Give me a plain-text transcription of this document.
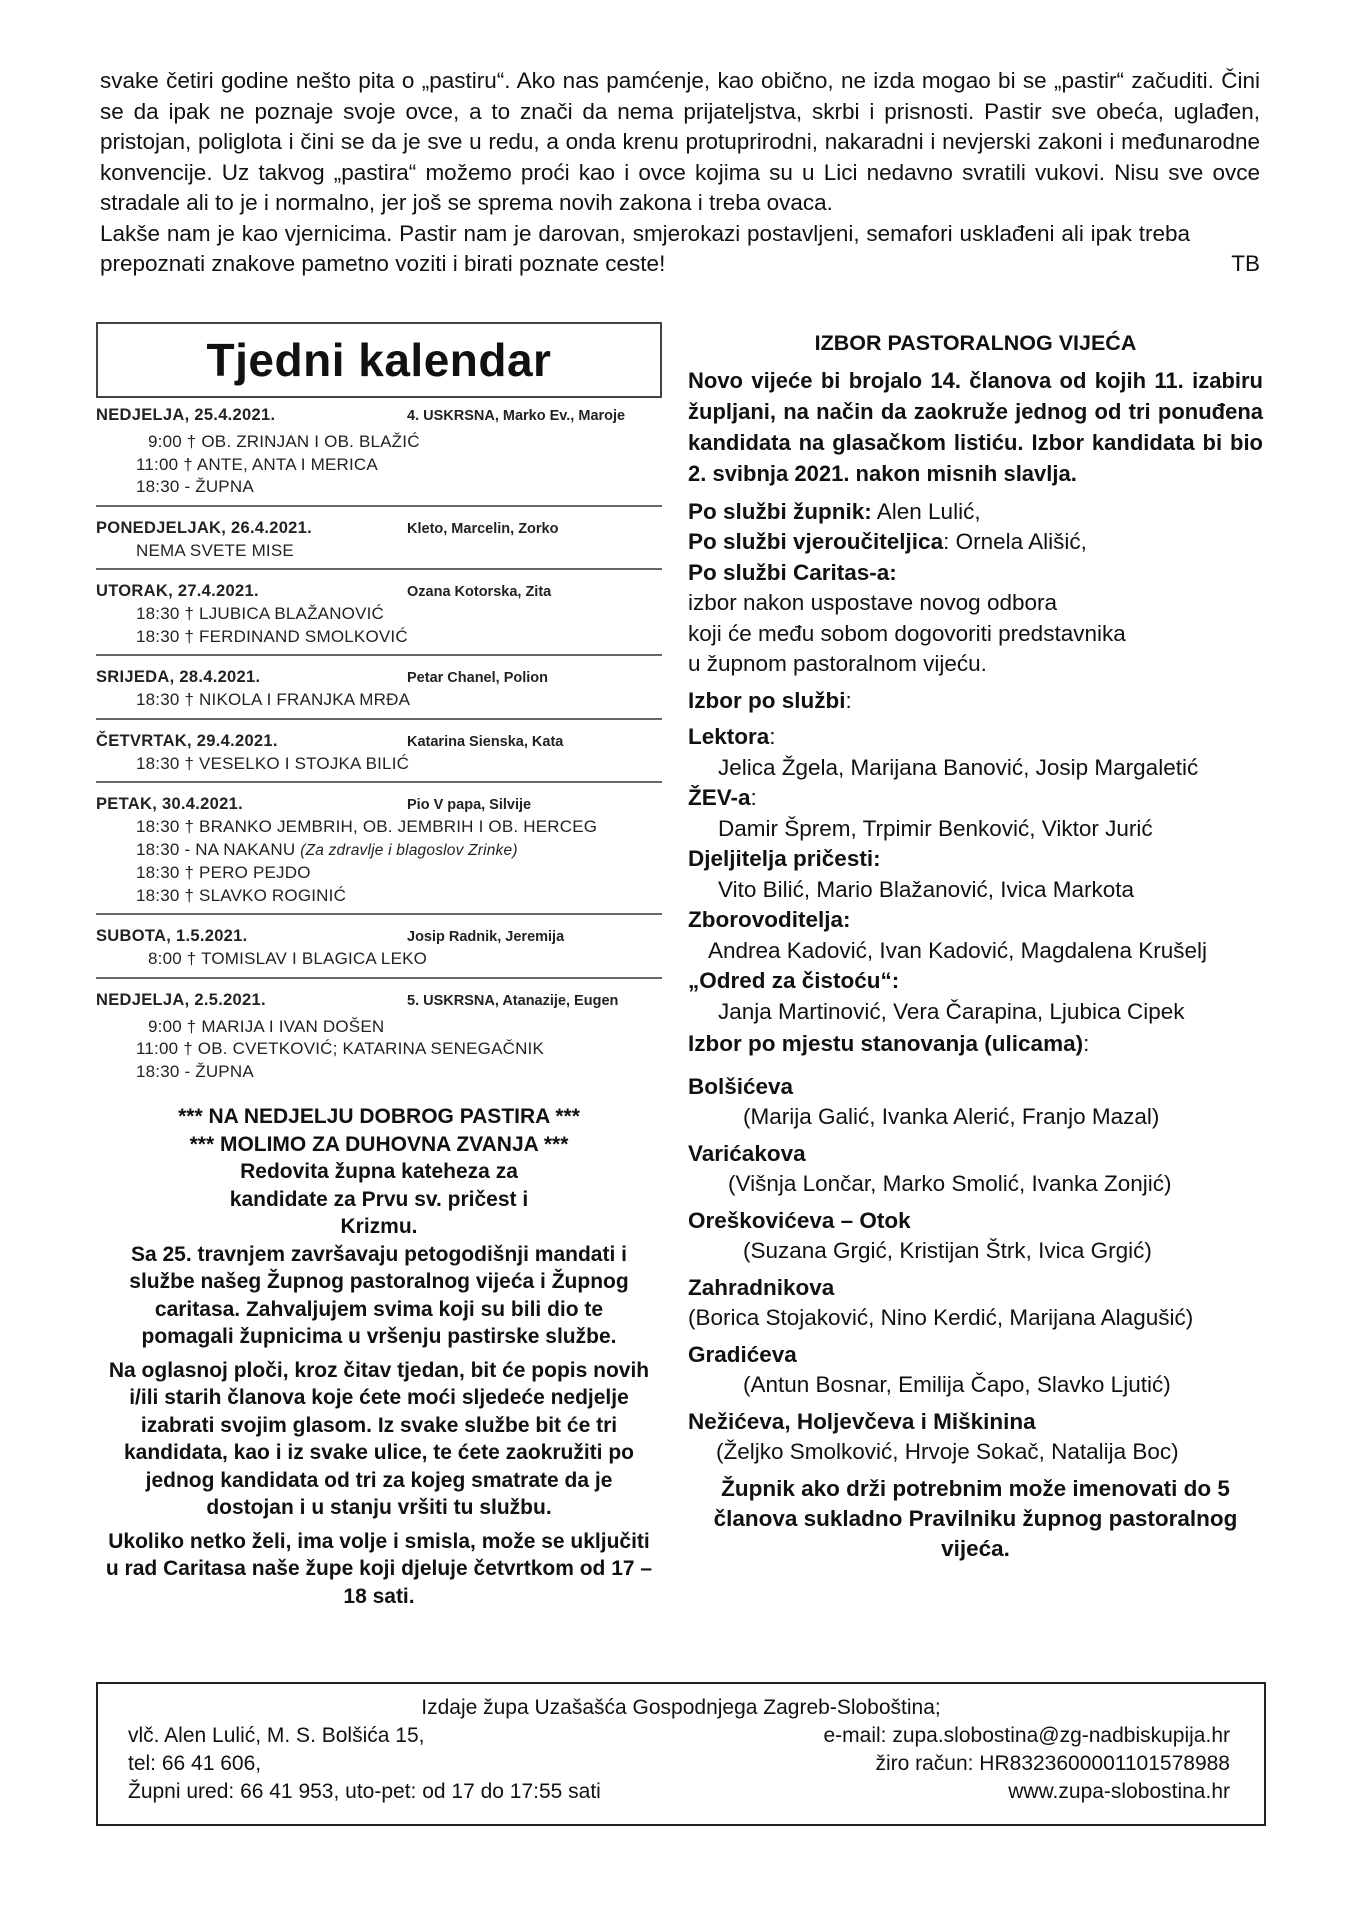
svake četiri godine nešto pita o „pastiru“. Ako nas pamćenje, kao obično, ne izda mogao bi se „pastir“ začuditi. Čini se da ipak ne poznaje svoje ovce, a to znači da nema prijateljstva, skrbi i prisnosti. Pastir sve obeća, uglađen, pristojan, poliglota i čini se da je sve u redu, a onda krenu protuprirodni, nakaradni i nevjerski zakoni i međunarodne konvencije. Uz takvog „pastira“ možemo proći kao i ovce kojima su u Lici nedavno svratili vukovi. Nisu sve ovce stradale ali to je i normalno, jer još se sprema novih zakona i treba ovaca.

Lakše nam je kao vjernicima. Pastir nam je darovan, smjerokazi postavljeni, semafori usklađeni ali ipak treba prepoznati znakove pametno voziti i birati poznate ceste!	TB
Tjedni kalendar
NEDJELJA, 25.4.2021.	4. USKRSNA, Marko Ev., Maroje
9:00 † OB. ZRINJAN I OB. BLAŽIĆ
11:00 † ANTE, ANTA I MERICA
18:30 - ŽUPNA
PONEDJELJAK, 26.4.2021.	Kleto, Marcelin, Zorko
NEMA SVETE MISE
UTORAK, 27.4.2021.	Ozana Kotorska, Zita
18:30 † LJUBICA BLAŽANOVIĆ
18:30 † FERDINAND SMOLKOVIĆ
SRIJEDA, 28.4.2021.	Petar Chanel, Polion
18:30 † NIKOLA I FRANJKA MRĐA
ČETVRTAK, 29.4.2021.	Katarina Sienska, Kata
18:30 † VESELKO I STOJKA BILIĆ
PETAK, 30.4.2021.	Pio V papa, Silvije
18:30 † BRANKO JEMBRIH, OB. JEMBRIH I OB. HERCEG
18:30 - NA NAKANU (Za zdravlje i blagoslov Zrinke)
18:30 † PERO PEJDO
18:30 † SLAVKO ROGINIĆ
SUBOTA, 1.5.2021.	Josip Radnik, Jeremija
8:00 † TOMISLAV I BLAGICA LEKO
NEDJELJA, 2.5.2021.	5. USKRSNA, Atanazije, Eugen
9:00 † MARIJA I IVAN DOŠEN
11:00 † OB. CVETKOVIĆ; KATARINA SENEGAČNIK
18:30 - ŽUPNA

*** NA NEDJELJU DOBROG PASTIRA ***

*** MOLIMO ZA DUHOVNA ZVANJA ***

Redovita župna kateheza za kandidate za Prvu sv. pričest i Krizmu.

Sa 25. travnjem završavaju petogodišnji mandati i službe našeg Župnog pastoralnog vijeća i Župnog caritasa. Zahvaljujem svima koji su bili dio te pomagali župnicima u vršenju pastirske službe.

Na oglasnoj ploči, kroz čitav tjedan, bit će popis novih i/ili starih članova koje ćete moći sljedeće nedjelje izabrati svojim glasom. Iz svake službe bit će tri kandidata, kao i iz svake ulice, te ćete zaokružiti po jednog kandidata od tri za kojeg smatrate da je dostojan i u stanju vršiti tu službu.

Ukoliko netko želi, ima volje i smisla, može se uključiti u rad Caritasa naše župe koji djeluje četvrtkom od 17 – 18 sati.

IZBOR PASTORALNOG VIJEĆA

Novo vijeće bi brojalo 14. članova od kojih 11. izabiru župljani, na način da zaokruže jednog od tri ponuđena kandidata na glasačkom listiću. Izbor kandidata bi bio 2. svibnja 2021. nakon misnih slavlja.

Po službi župnik: Alen Lulić,

Po službi vjeroučiteljica: Ornela Ališić,

Po službi Caritas-a:

izbor nakon uspostave novog odbora

koji će među sobom dogovoriti predstavnika

u župnom pastoralnom vijeću.

Izbor po službi:

Lektora:

Jelica Žgela, Marijana Banović, Josip Margaletić

ŽEV-a:

Damir Šprem, Trpimir Benković, Viktor Jurić

Djeljitelja pričesti:

Vito Bilić, Mario Blažanović, Ivica Markota

Zborovoditelja:

Andrea Kadović, Ivan Kadović, Magdalena Krušelj

„Odred za čistoću“:

Janja Martinović, Vera Čarapina, Ljubica Cipek

Izbor po mjestu stanovanja (ulicama):

Bolšićeva

(Marija Galić, Ivanka Alerić, Franjo Mazal)

Varićakova

(Višnja Lončar, Marko Smolić, Ivanka Zonjić)

Oreškovićeva – Otok

(Suzana Grgić, Kristijan Štrk, Ivica Grgić)

Zahradnikova

(Borica Stojaković, Nino Kerdić, Marijana Alagušić)

Gradićeva

(Antun Bosnar, Emilija Čapo, Slavko Ljutić)

Nežićeva, Holjevčeva i Miškinina

(Željko Smolković, Hrvoje Sokač, Natalija Boc)

Župnik ako drži potrebnim može imenovati do 5 članova sukladno Pravilniku župnog pastoralnog vijeća.

Izdaje župa Uzašašća Gospodnjega Zagreb-Sloboština;
vlč. Alen Lulić, M. S. Bolšića 15,	e-mail: zupa.slobostina@zg-nadbiskupija.hr
tel: 66 41 606,	žiro račun: HR8323600001101578988
Župni ured: 66 41 953, uto-pet: od 17 do 17:55 sati	www.zupa-slobostina.hr
